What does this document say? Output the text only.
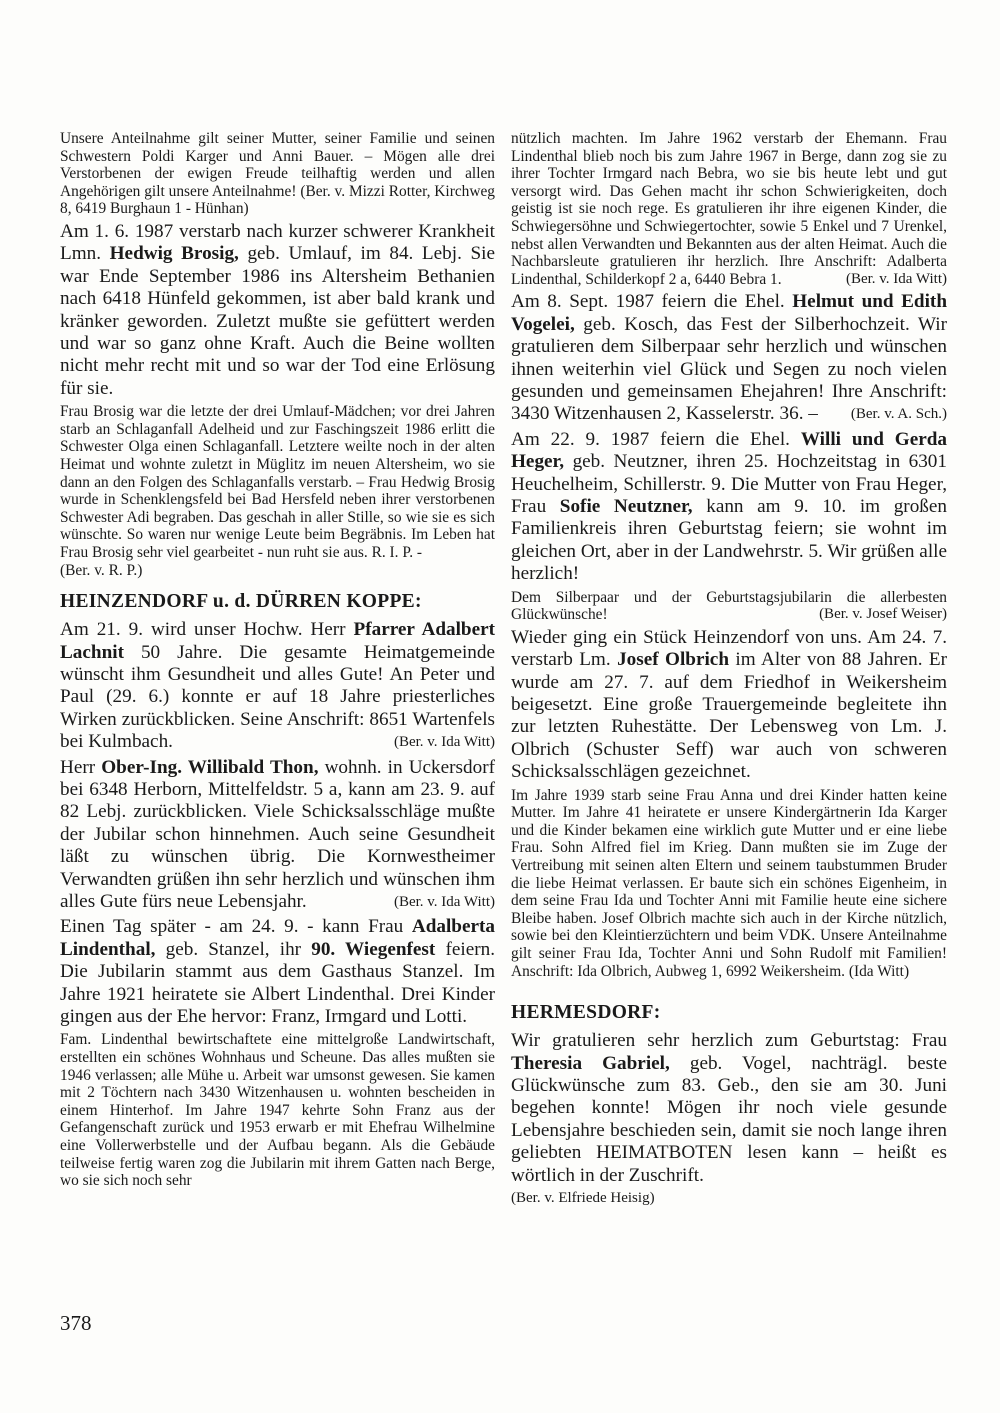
Unsere Anteilnahme gilt seiner Mutter, seiner Familie und seinen Schwestern Poldi Karger und Anni Bauer. – Mögen alle drei Verstorbenen der ewigen Freude teilhaftig werden und allen Angehörigen gilt unsere Anteilnahme! (Ber. v. Mizzi Rotter, Kirchweg 8, 6419 Burghaun 1 - Hünhan)

Am 1. 6. 1987 verstarb nach kurzer schwerer Krankheit Lmn. Hedwig Brosig, geb. Umlauf, im 84. Lebj. Sie war Ende September 1986 ins Altersheim Bethanien nach 6418 Hünfeld gekommen, ist aber bald krank und kränker geworden. Zuletzt mußte sie gefüttert werden und war so ganz ohne Kraft. Auch die Beine wollten nicht mehr recht mit und so war der Tod eine Erlösung für sie.

Frau Brosig war die letzte der drei Umlauf-Mädchen; vor drei Jahren starb an Schlaganfall Adelheid und zur Faschingszeit 1986 erlitt die Schwester Olga einen Schlaganfall. Letztere weilte noch in der alten Heimat und wohnte zuletzt in Müglitz im neuen Altersheim, wo sie dann an den Folgen des Schlaganfalls verstarb. – Frau Hedwig Brosig wurde in Schenklengsfeld bei Bad Hersfeld neben ihrer verstorbenen Schwester Adi begraben. Das geschah in aller Stille, so wie sie es sich wünschte. So waren nur wenige Leute beim Begräbnis. Im Leben hat Frau Brosig sehr viel gearbeitet - nun ruht sie aus. R. I. P. -
(Ber. v. R. P.)

HEINZENDORF u. d. DÜRREN KOPPE:

Am 21. 9. wird unser Hochw. Herr Pfarrer Adalbert Lachnit 50 Jahre. Die gesamte Heimatgemeinde wünscht ihm Gesundheit und alles Gute! An Peter und Paul (29. 6.) konnte er auf 18 Jahre priesterliches Wirken zurückblicken. Seine Anschrift: 8651 Wartenfels bei Kulmbach.	(Ber. v. Ida Witt)

Herr Ober-Ing. Willibald Thon, wohnh. in Uckersdorf bei 6348 Herborn, Mittelfeldstr. 5 a, kann am 23. 9. auf 82 Lebj. zurückblicken. Viele Schicksalsschläge mußte der Jubilar schon hinnehmen. Auch seine Gesundheit läßt zu wünschen übrig. Die Kornwestheimer Verwandten grüßen ihn sehr herzlich und wünschen ihm alles Gute fürs neue Lebensjahr.	(Ber. v. Ida Witt)

Einen Tag später - am 24. 9. - kann Frau Adalberta Lindenthal, geb. Stanzel, ihr 90. Wiegenfest feiern. Die Jubilarin stammt aus dem Gasthaus Stanzel. Im Jahre 1921 heiratete sie Albert Lindenthal. Drei Kinder gingen aus der Ehe hervor: Franz, Irmgard und Lotti.

Fam. Lindenthal bewirtschaftete eine mittelgroße Landwirtschaft, erstellten ein schönes Wohnhaus und Scheune. Das alles mußten sie 1946 verlassen; alle Mühe u. Arbeit war umsonst gewesen. Sie kamen mit 2 Töchtern nach 3430 Witzenhausen u. wohnten bescheiden in einem Hinterhof. Im Jahre 1947 kehrte Sohn Franz aus der Gefangenschaft zurück und 1953 erwarb er mit Ehefrau Wilhelmine eine Vollerwerbstelle und der Aufbau begann. Als die Gebäude teilweise fertig waren zog die Jubilarin mit ihrem Gatten nach Berge, wo sie sich noch sehr

nützlich machten. Im Jahre 1962 verstarb der Ehemann. Frau Lindenthal blieb noch bis zum Jahre 1967 in Berge, dann zog sie zu ihrer Tochter Irmgard nach Bebra, wo sie bis heute lebt und gut versorgt wird. Das Gehen macht ihr schon Schwierigkeiten, doch geistig ist sie noch rege. Es gratulieren ihr ihre eigenen Kinder, die Schwiegersöhne und Schwiegertochter, sowie 5 Enkel und 7 Urenkel, nebst allen Verwandten und Bekannten aus der alten Heimat. Auch die Nachbarsleute gratulieren ihr herzlich. Ihre Anschrift: Adalberta Lindenthal, Schilderkopf 2 a, 6440 Bebra 1.	(Ber. v. Ida Witt)

Am 8. Sept. 1987 feiern die Ehel. Helmut und Edith Vogelei, geb. Kosch, das Fest der Silberhochzeit. Wir gratulieren dem Silberpaar sehr herzlich und wünschen ihnen weiterhin viel Glück und Segen zu noch vielen gesunden und gemeinsamen Ehejahren! Ihre Anschrift: 3430 Witzenhausen 2, Kasselerstr. 36. – (Ber. v. A. Sch.)

Am 22. 9. 1987 feiern die Ehel. Willi und Gerda Heger, geb. Neutzner, ihren 25. Hochzeitstag in 6301 Heuchelheim, Schillerstr. 9. Die Mutter von Frau Heger, Frau Sofie Neutzner, kann am 9. 10. im großen Familienkreis ihren Geburtstag feiern; sie wohnt im gleichen Ort, aber in der Landwehrstr. 5. Wir grüßen alle herzlich!

Dem Silberpaar und der Geburtstagsjubilarin die allerbesten Glückwünsche!	(Ber. v. Josef Weiser)

Wieder ging ein Stück Heinzendorf von uns. Am 24. 7. verstarb Lm. Josef Olbrich im Alter von 88 Jahren. Er wurde am 27. 7. auf dem Friedhof in Weikersheim beigesetzt. Eine große Trauergemeinde begleitete ihn zur letzten Ruhestätte. Der Lebensweg von Lm. J. Olbrich (Schuster Seff) war auch von schweren Schicksalsschlägen gezeichnet.

Im Jahre 1939 starb seine Frau Anna und drei Kinder hatten keine Mutter. Im Jahre 41 heiratete er unsere Kindergärtnerin Ida Karger und die Kinder bekamen eine wirklich gute Mutter und er eine liebe Frau. Sohn Alfred fiel im Krieg. Dann mußten sie im Zuge der Vertreibung mit seinen alten Eltern und seinem taubstummen Bruder die liebe Heimat verlassen. Er baute sich ein schönes Eigenheim, in dem seine Frau Ida und Tochter Anni mit Familie heute eine sichere Bleibe haben. Josef Olbrich machte sich auch in der Kirche nützlich, sowie bei den Kleintierzüchtern und beim VDK. Unsere Anteilnahme gilt seiner Frau Ida, Tochter Anni und Sohn Rudolf mit Familien! Anschrift: Ida Olbrich, Aubweg 1, 6992 Weikersheim. (Ida Witt)

HERMESDORF:

Wir gratulieren sehr herzlich zum Geburtstag: Frau Theresia Gabriel, geb. Vogel, nachträgl. beste Glückwünsche zum 83. Geb., den sie am 30. Juni begehen konnte! Mögen ihr noch viele gesunde Lebensjahre beschieden sein, damit sie noch lange ihren geliebten HEIMATBOTEN lesen kann – heißt es wörtlich in der Zuschrift.
(Ber. v. Elfriede Heisig)

378
